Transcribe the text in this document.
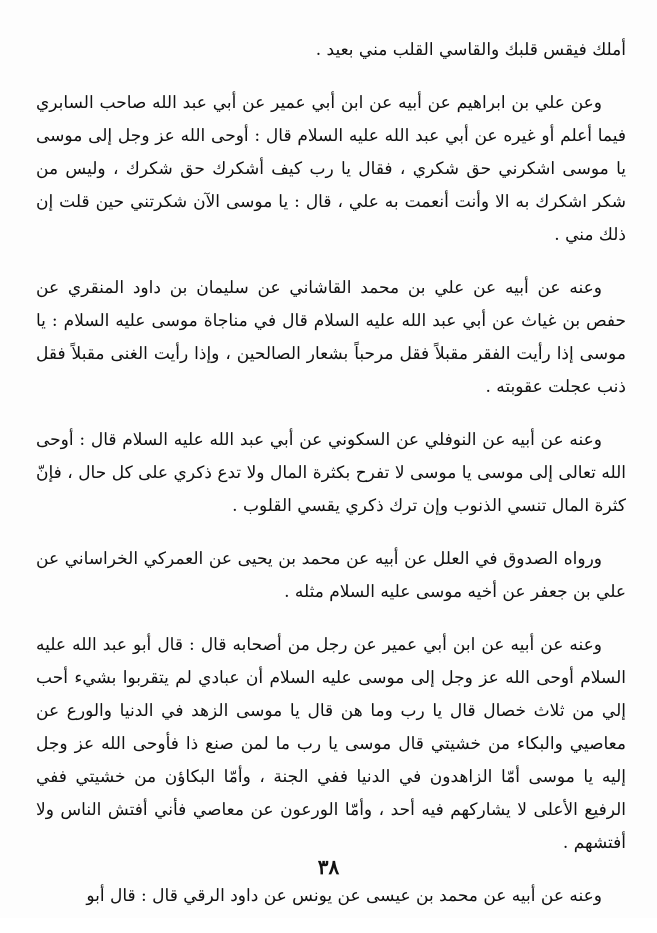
أملك فيقس قلبك والقاسي القلب مني بعيد .

وعن علي بن ابراهيم عن أبيه عن ابن أبي عمير عن أبي عبد الله صاحب السابري فيما أعلم أو غيره عن أبي عبد الله عليه السلام قال : أوحى الله عز وجل إلى موسى يا موسى اشكرني حق شكري ، فقال يا رب كيف أشكرك حق شكرك ، وليس من شكر اشكرك به الا وأنت أنعمت به علي ، قال : يا موسى الآن شكرتني حين قلت إن ذلك مني .

وعنه عن أبيه عن علي بن محمد القاشاني عن سليمان بن داود المنقري عن حفص بن غياث عن أبي عبد الله عليه السلام قال في مناجاة موسى عليه السلام : يا موسى إذا رأيت الفقر مقبلاً فقل مرحباً بشعار الصالحين ، وإذا رأيت الغنى مقبلاً فقل ذنب عجلت عقوبته .

وعنه عن أبيه عن النوفلي عن السكوني عن أبي عبد الله عليه السلام قال : أوحى الله تعالى إلى موسى يا موسى لا تفرح بكثرة المال ولا تدع ذكري على كل حال ، فإنّ كثرة المال تنسي الذنوب وإن ترك ذكري يقسي القلوب .

ورواه الصدوق في العلل عن أبيه عن محمد بن يحيى عن العمركي الخراساني عن علي بن جعفر عن أخيه موسى عليه السلام مثله .

وعنه عن أبيه عن ابن أبي عمير عن رجل من أصحابه قال : قال أبو عبد الله عليه السلام أوحى الله عز وجل إلى موسى عليه السلام أن عبادي لم يتقربوا بشيء أحب إلي من ثلاث خصال قال يا رب وما هن قال يا موسى الزهد في الدنيا والورع عن معاصيي والبكاء من خشيتي قال موسى يا رب ما لمن صنع ذا فأوحى الله عز وجل إليه يا موسى أمّا الزاهدون في الدنيا ففي الجنة ، وأمّا البكاؤن من خشيتي ففي الرفيع الأعلى لا يشاركهم فيه أحد ، وأمّا الورعون عن معاصي فأني أفتش الناس ولا أفتشهم .

وعنه عن أبيه عن محمد بن عيسى عن يونس عن داود الرقي قال : قال أبو

٣٨
